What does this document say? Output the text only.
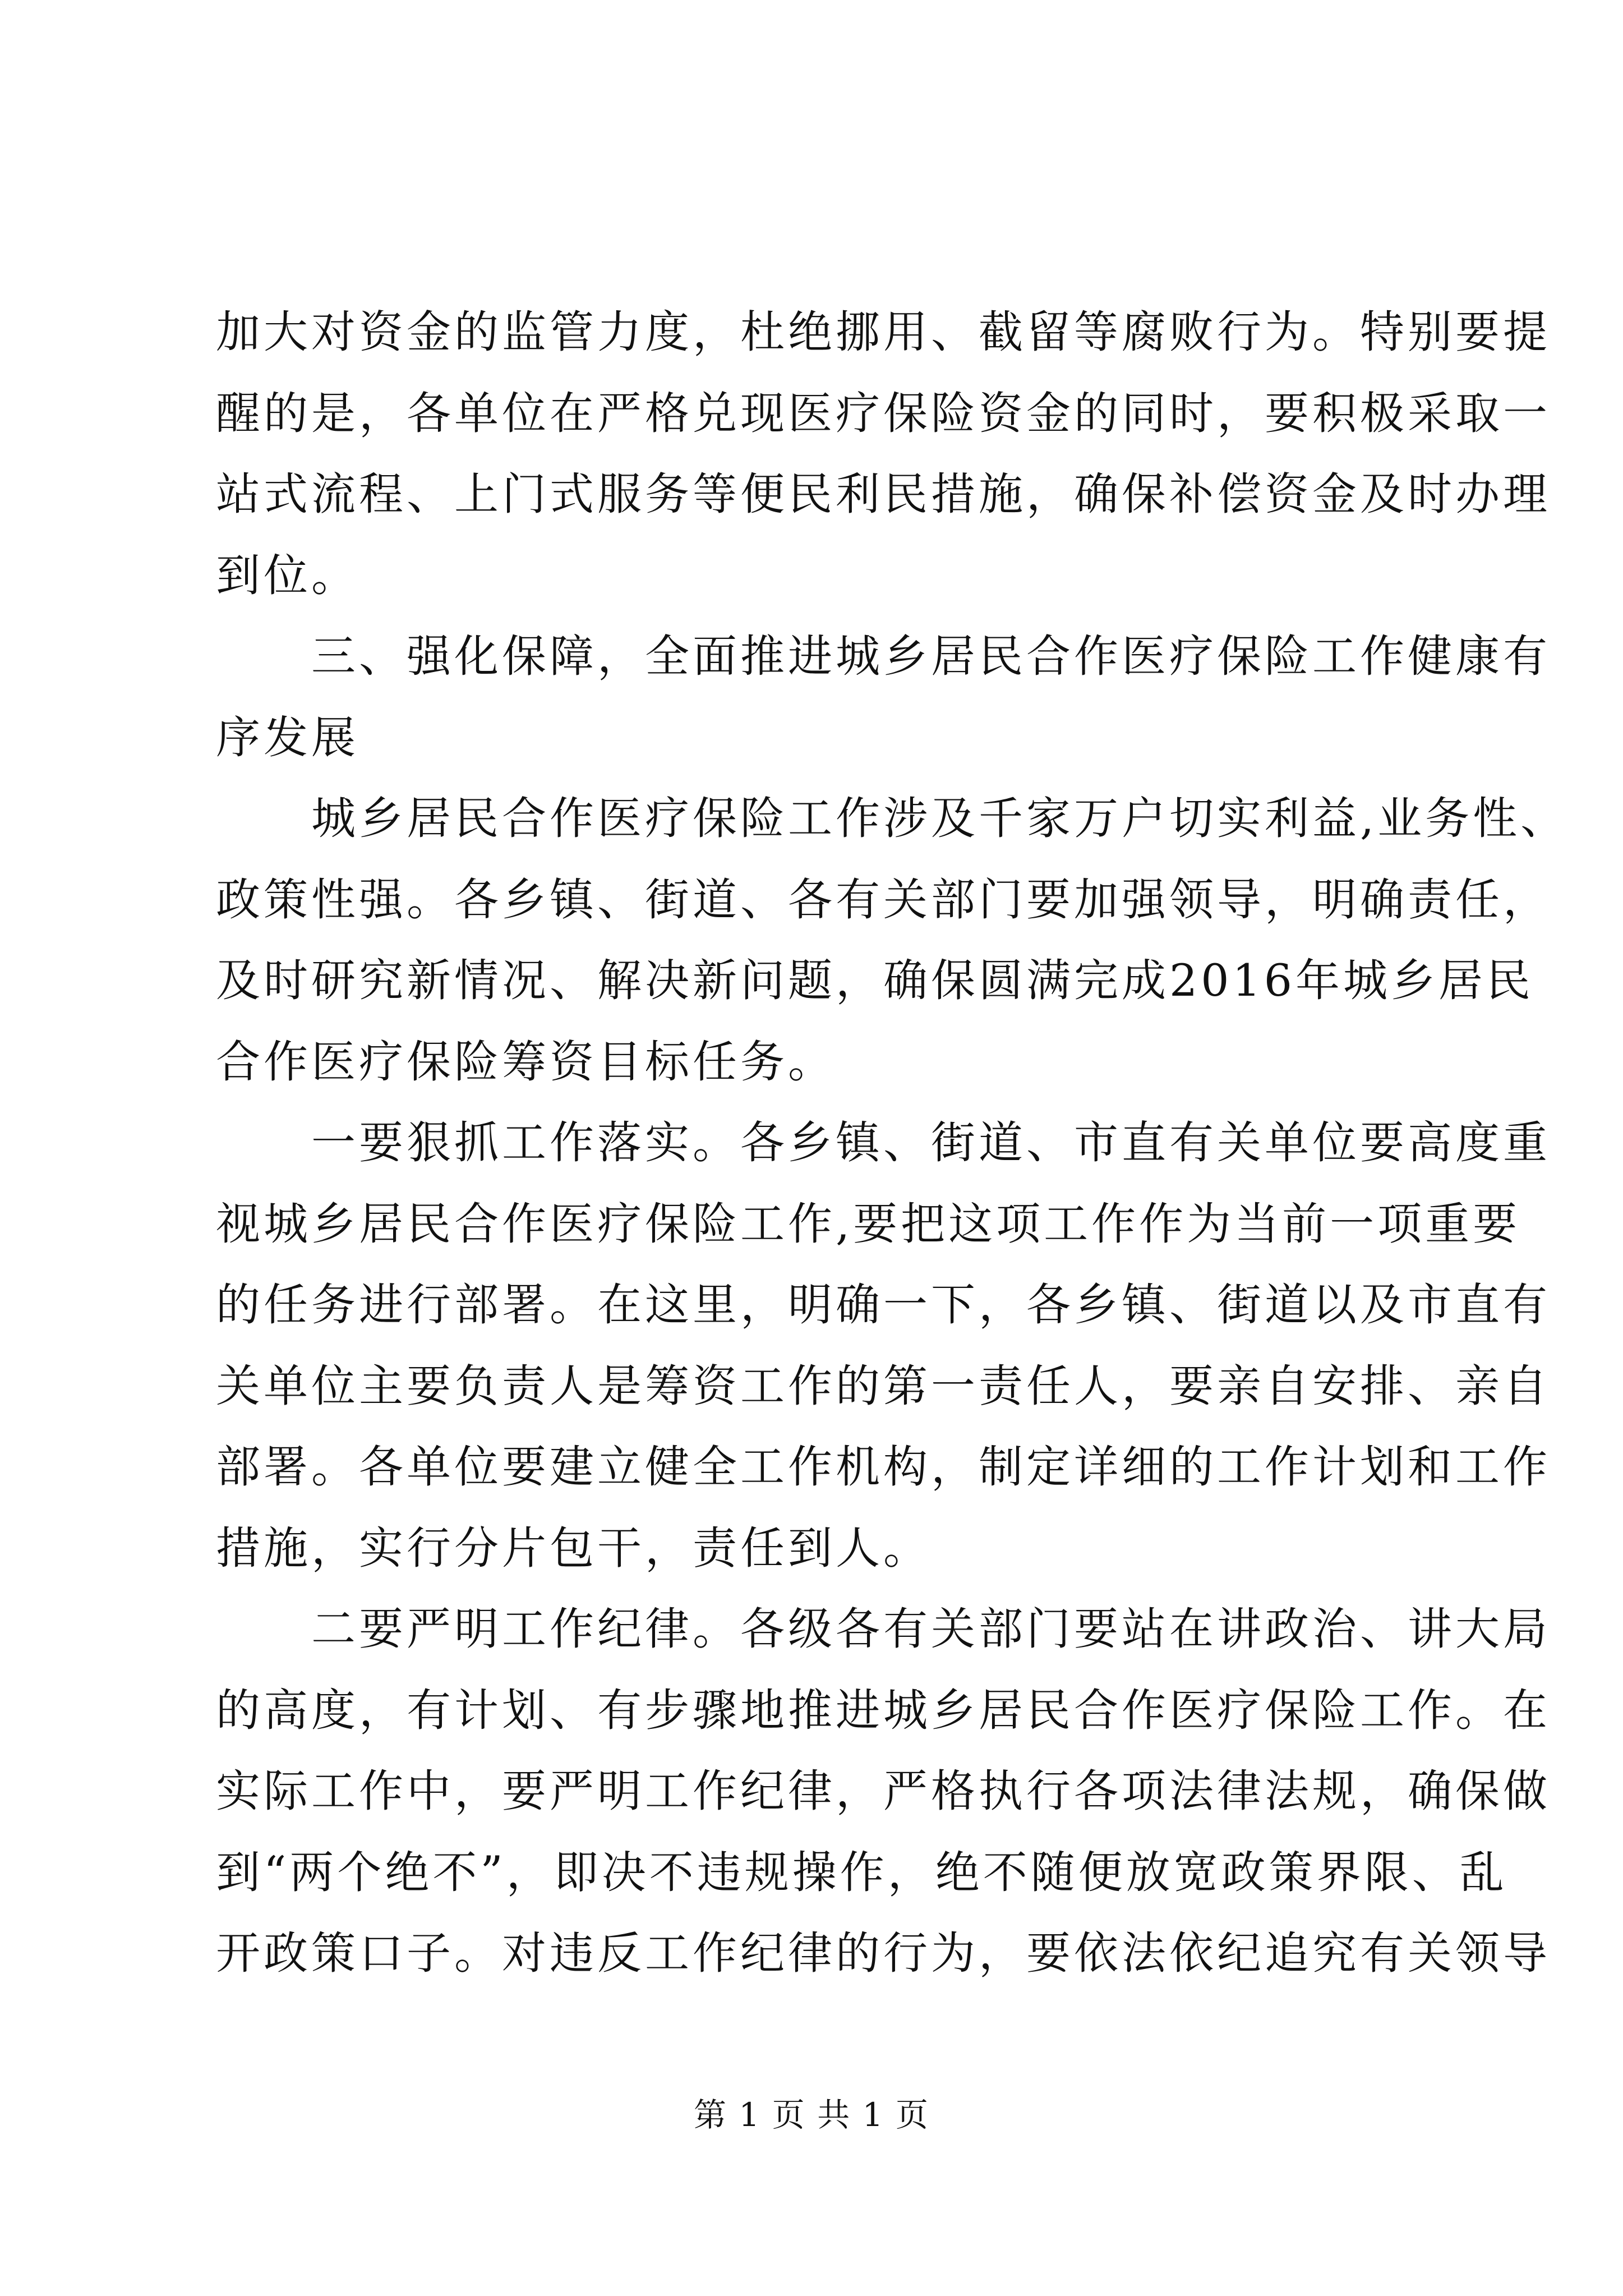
加大对资金的监管力度，杜绝挪用、截留等腐败行为。特别要提
醒的是，各单位在严格兑现医疗保险资金的同时，要积极采取一
站式流程、上门式服务等便民利民措施，确保补偿资金及时办理
到位。
　　三、强化保障，全面推进城乡居民合作医疗保险工作健康有
序发展
　　城乡居民合作医疗保险工作涉及千家万户切实利益,业务性、
政策性强。各乡镇、街道、各有关部门要加强领导，明确责任，
及时研究新情况、解决新问题，确保圆满完成2016年城乡居民
合作医疗保险筹资目标任务。
　　一要狠抓工作落实。各乡镇、街道、市直有关单位要高度重
视城乡居民合作医疗保险工作,要把这项工作作为当前一项重要
的任务进行部署。在这里，明确一下，各乡镇、街道以及市直有
关单位主要负责人是筹资工作的第一责任人，要亲自安排、亲自
部署。各单位要建立健全工作机构，制定详细的工作计划和工作
措施，实行分片包干，责任到人。
　　二要严明工作纪律。各级各有关部门要站在讲政治、讲大局
的高度，有计划、有步骤地推进城乡居民合作医疗保险工作。在
实际工作中，要严明工作纪律，严格执行各项法律法规，确保做
到“两个绝不”，即决不违规操作，绝不随便放宽政策界限、乱
开政策口子。对违反工作纪律的行为，要依法依纪追究有关领导

第 1 页 共 1 页
